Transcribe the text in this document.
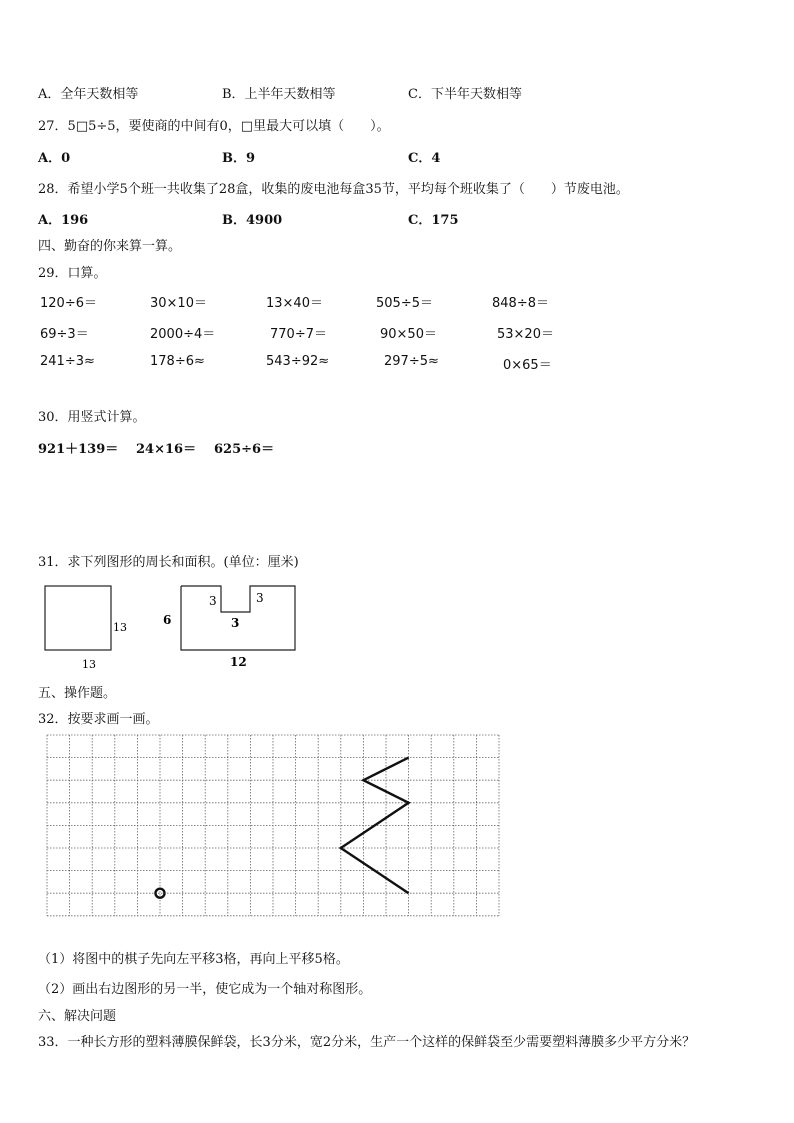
A．全年天数相等	B．上半年天数相等	C．下半年天数相等
27．5□5÷5，要使商的中间有0，□里最大可以填（　　）。
A．0	B．9	C．4
28．希望小学5个班一共收集了28盒，收集的废电池每盒35节，平均每个班收集了（　　）节废电池。
A．196	B．4900	C．175
四、勤奋的你来算一算。
29．口算。
120÷6＝	30×10＝	13×40＝	505÷5＝	848÷8＝
69÷3＝	2000÷4＝	770÷7＝	90×50＝	53×20＝
241÷3≈	178÷6≈	543÷92≈	297÷5≈	0×65＝
30．用竖式计算。
921＋139＝ 24×16＝ 625÷6＝
31．求下列图形的周长和面积。(单位：厘米)
13
13
6
3	3
3
12
五、操作题。
32．按要求画一画。
（1）将图中的棋子先向左平移3格，再向上平移5格。
（2）画出右边图形的另一半，使它成为一个轴对称图形。
六、解决问题
33．一种长方形的塑料薄膜保鲜袋，长3分米，宽2分米，生产一个这样的保鲜袋至少需要塑料薄膜多少平方分米？
